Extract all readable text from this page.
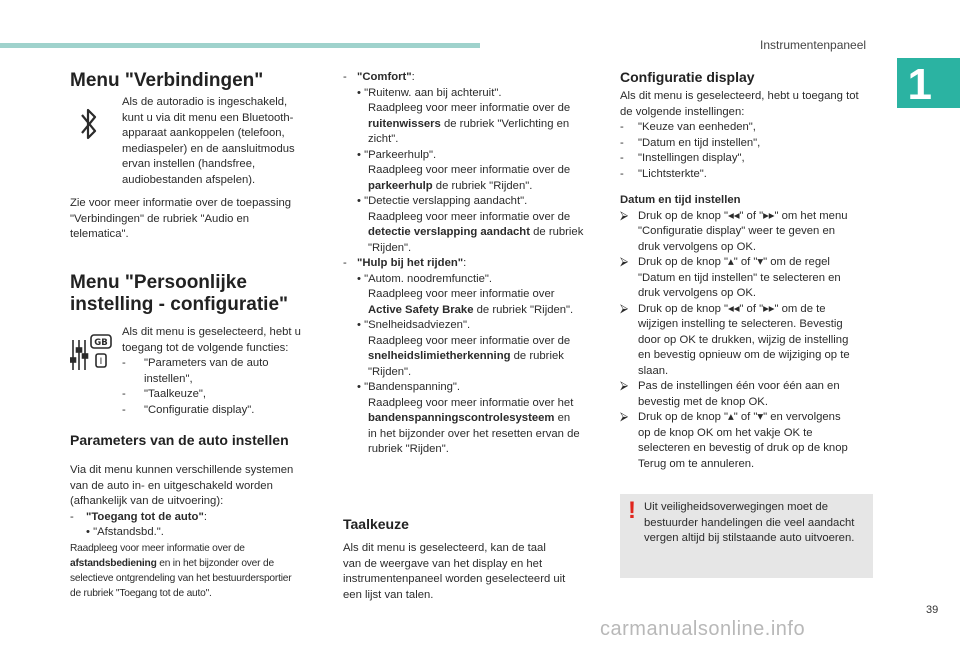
Instrumentenpaneel
1
Menu "Verbindingen"

Als de autoradio is ingeschakeld,

kunt u via dit menu een Bluetooth-

apparaat aankoppelen (telefoon,

mediaspeler) en de aansluitmodus

ervan instellen (handsfree,

audiobestanden afspelen).

Zie voor meer informatie over de toepassing

"Verbindingen" de rubriek "Audio en

telematica".

Menu "Persoonlijke
instelling - configuratie"
GB
I

Als dit menu is geselecteerd, hebt u

toegang tot de volgende functies:

- "Parameters van de auto

instellen",

- "Taalkeuze",

- "Configuratie display".

Parameters van de auto instellen

Via dit menu kunnen verschillende systemen

van de auto in- en uitgeschakeld worden

(afhankelijk van de uitvoering):

- "Toegang tot de auto":

• "Afstandsbd.".

Raadpleeg voor meer informatie over de

afstandsbediening en in het bijzonder over de

selectieve ontgrendeling van het bestuurdersportier

de rubriek "Toegang tot de auto".

- "Comfort":

• "Ruitenw. aan bij achteruit".

Raadpleeg voor meer informatie over de

ruitenwissers de rubriek "Verlichting en

zicht".

• "Parkeerhulp".

Raadpleeg voor meer informatie over de

parkeerhulp de rubriek "Rijden".

• "Detectie verslapping aandacht".

Raadpleeg voor meer informatie over de

detectie verslapping aandacht de rubriek

"Rijden".

- "Hulp bij het rijden":

• "Autom. noodremfunctie".

Raadpleeg voor meer informatie over

Active Safety Brake de rubriek "Rijden".

• "Snelheidsadviezen".

Raadpleeg voor meer informatie over de

snelheidslimietherkenning de rubriek

"Rijden".

• "Bandenspanning".

Raadpleeg voor meer informatie over het

bandenspanningscontrolesysteem en

in het bijzonder over het resetten ervan de

rubriek "Rijden".

Taalkeuze

Als dit menu is geselecteerd, kan de taal

van de weergave van het display en het

instrumentenpaneel worden geselecteerd uit

een lijst van talen.

Configuratie display

Als dit menu is geselecteerd, hebt u toegang tot

de volgende instellingen:

- "Keuze van eenheden",

- "Datum en tijd instellen",

- "Instellingen display",

- "Lichtsterkte".

Datum en tijd instellen

⮚ Druk op de knop "◂◂" of "▸▸" om het menu

"Configuratie display" weer te geven en

druk vervolgens op OK.

⮚ Druk op de knop "▴" of "▾" om de regel

"Datum en tijd instellen" te selecteren en

druk vervolgens op OK.

⮚ Druk op de knop "◂◂" of "▸▸" om de te

wijzigen instelling te selecteren. Bevestig

door op OK te drukken, wijzig de instelling

en bevestig opnieuw om de wijziging op te

slaan.

⮚ Pas de instellingen één voor één aan en

bevestig met de knop OK.

⮚ Druk op de knop "▴" of "▾" en vervolgens

op de knop OK om het vakje OK te

selecteren en bevestig of druk op de knop

Terug om te annuleren.

! Uit veiligheidsoverwegingen moet de

bestuurder handelingen die veel aandacht

vergen altijd bij stilstaande auto uitvoeren.

39
carmanualsonline.info
